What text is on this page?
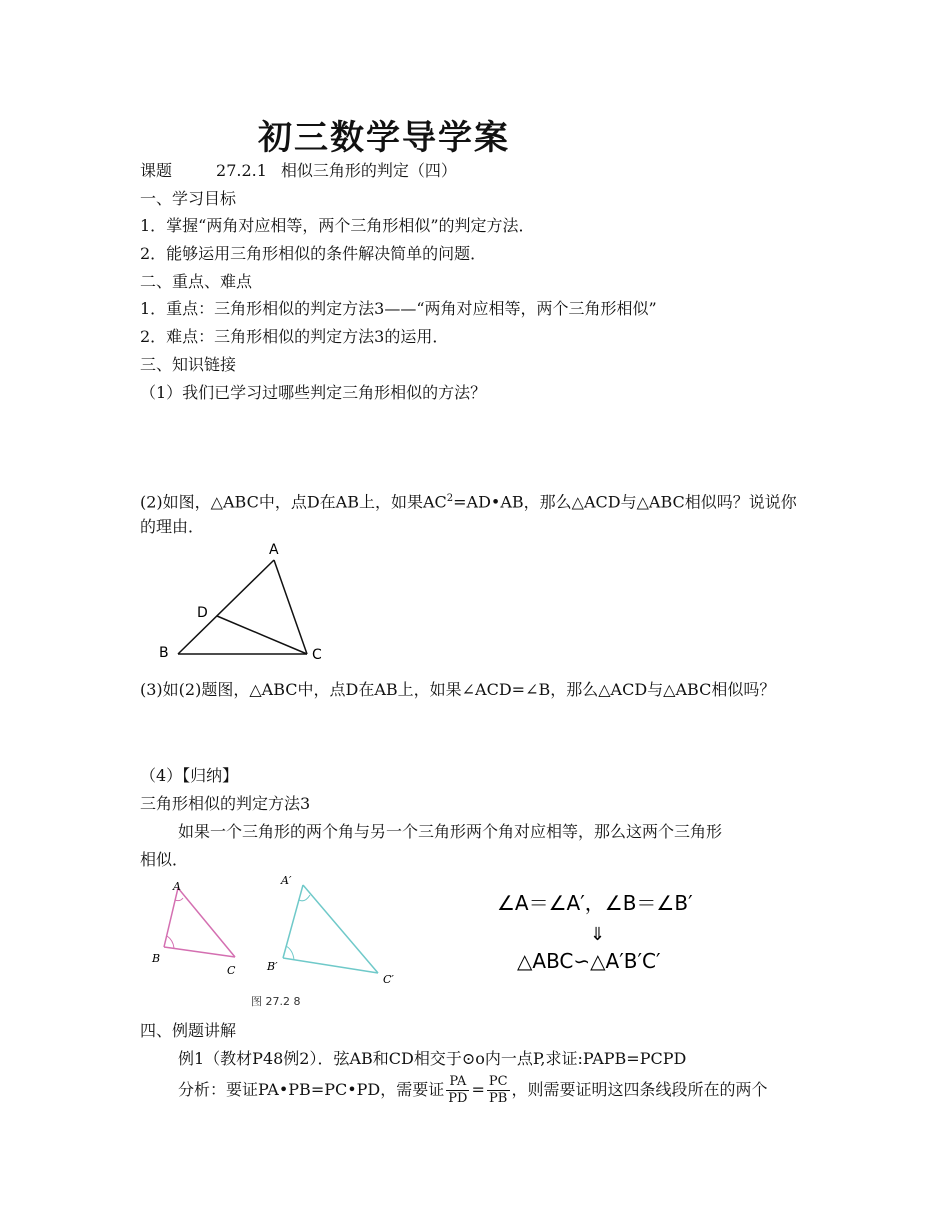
初三数学导学案
课题	27.2.1 相似三角形的判定（四）
一、学习目标
1．掌握“两角对应相等，两个三角形相似”的判定方法．
2．能够运用三角形相似的条件解决简单的问题．
二、重点、难点
1．重点：三角形相似的判定方法3——“两角对应相等，两个三角形相似”
2．难点：三角形相似的判定方法3的运用．
三、知识链接
（1）我们已学习过哪些判定三角形相似的方法？
(2)如图，△ABC中，点D在AB上，如果$AC^2=AD•AB$，那么△ACD与△ABC相似吗？说说你
的理由．
A
B	C
D
(3)如(2)题图，△ABC中，点D在AB上，如果∠ACD=∠B，那么△ACD与△ABC相似吗？
（4）【归纳】
三角形相似的判定方法3
如果一个三角形的两个角与另一个三角形两个角对应相等，那么这两个三角形
相似．
A
B
C
A′
B′
C′
图 27.2 8
∠A＝∠A′，∠B＝∠B′
⇓
△ABC∽△A′B′C′
四、例题讲解
例1（教材P48例2）．弦AB和CD相交于⊙o内一点P,求证:PAPB=PCPD
分析：要证PA•PB=PC•PD，需要证 $\frac{PA}{PD} = \frac{PC}{PB}$ ，则需要证明这四条线段所在的两个
